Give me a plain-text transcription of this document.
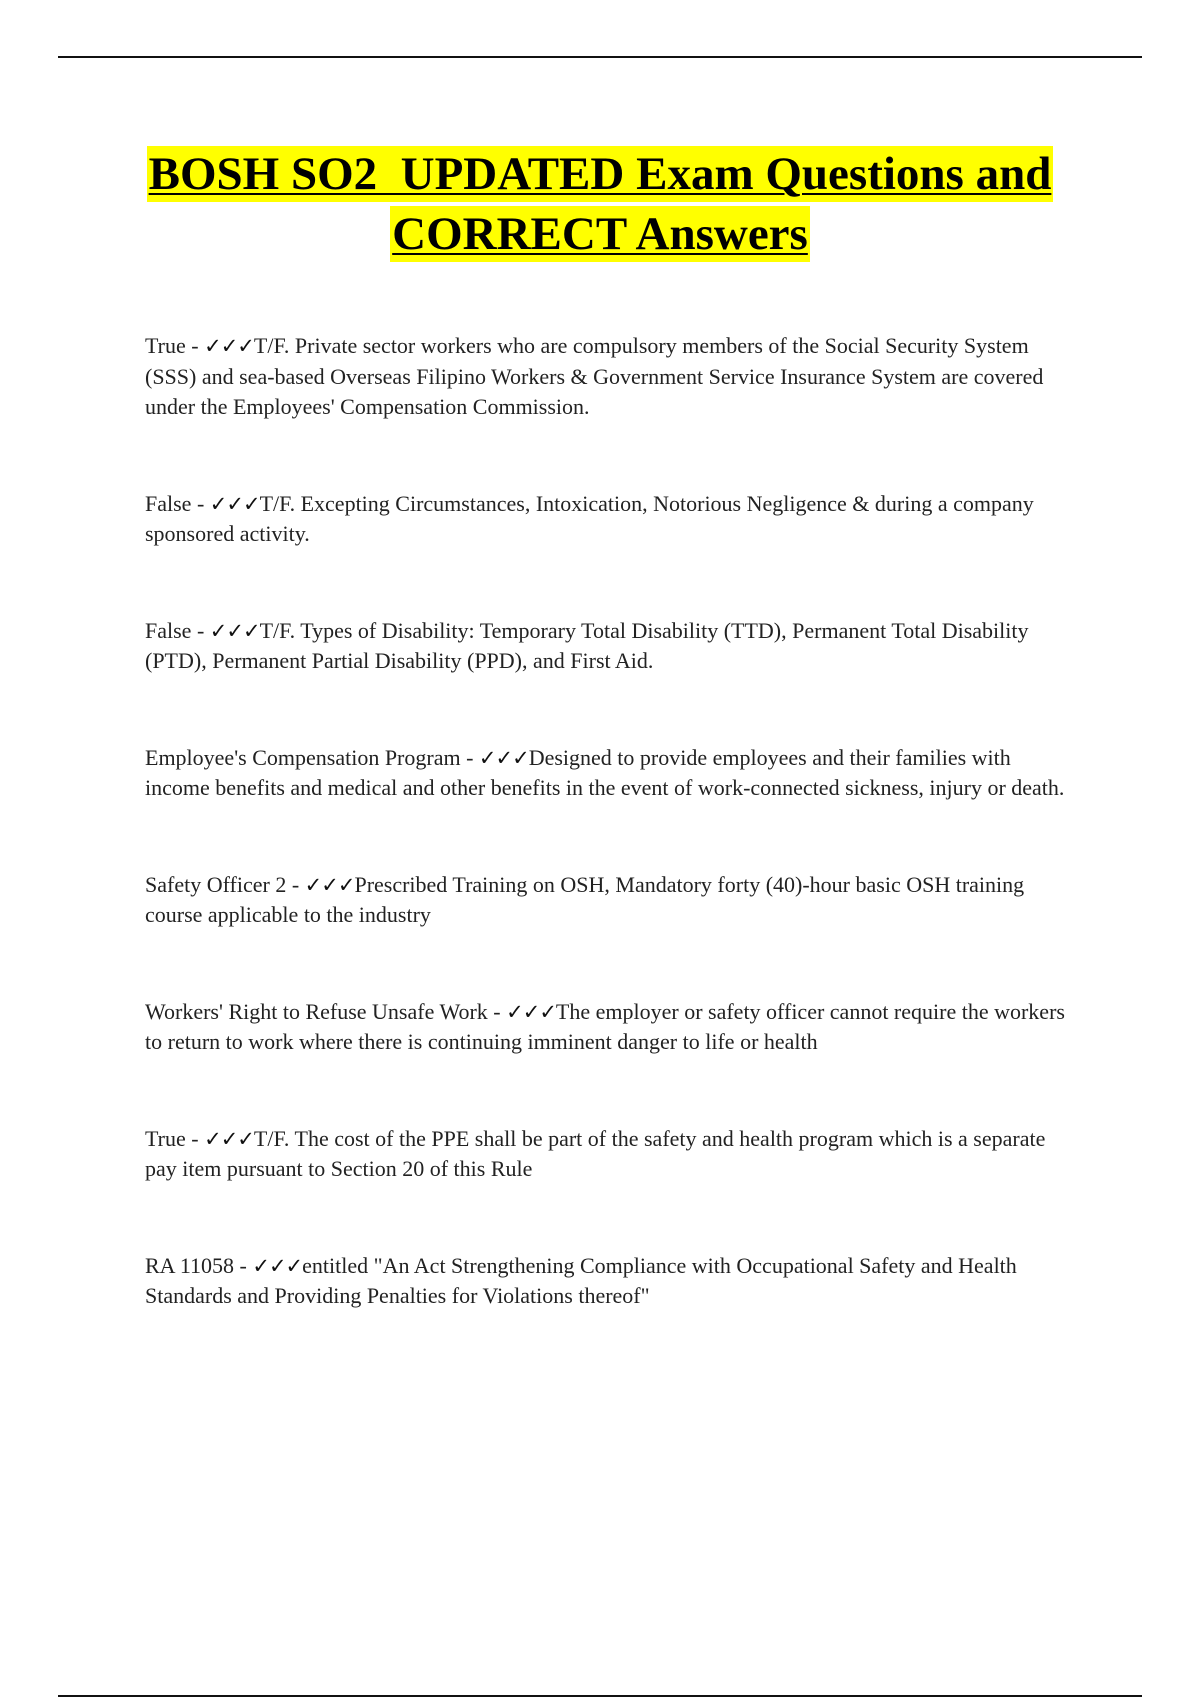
BOSH SO2  UPDATED Exam Questions and
CORRECT Answers
True - ✓✓✓T/F. Private sector workers who are compulsory members of the Social Security System (SSS) and sea-based Overseas Filipino Workers & Government Service Insurance System are covered under the Employees' Compensation Commission.
False - ✓✓✓T/F. Excepting Circumstances, Intoxication, Notorious Negligence & during a company sponsored activity.
False - ✓✓✓T/F. Types of Disability: Temporary Total Disability (TTD), Permanent Total Disability (PTD), Permanent Partial Disability (PPD), and First Aid.
Employee's Compensation Program - ✓✓✓Designed to provide employees and their families with income benefits and medical and other benefits in the event of work-connected sickness, injury or death.
Safety Officer 2 - ✓✓✓Prescribed Training on OSH, Mandatory forty (40)-hour basic OSH training course applicable to the industry
Workers' Right to Refuse Unsafe Work - ✓✓✓The employer or safety officer cannot require the workers to return to work where there is continuing imminent danger to life or health
True - ✓✓✓T/F. The cost of the PPE shall be part of the safety and health program which is a separate pay item pursuant to Section 20 of this Rule
RA 11058 - ✓✓✓entitled "An Act Strengthening Compliance with Occupational Safety and Health Standards and Providing Penalties for Violations thereof"
